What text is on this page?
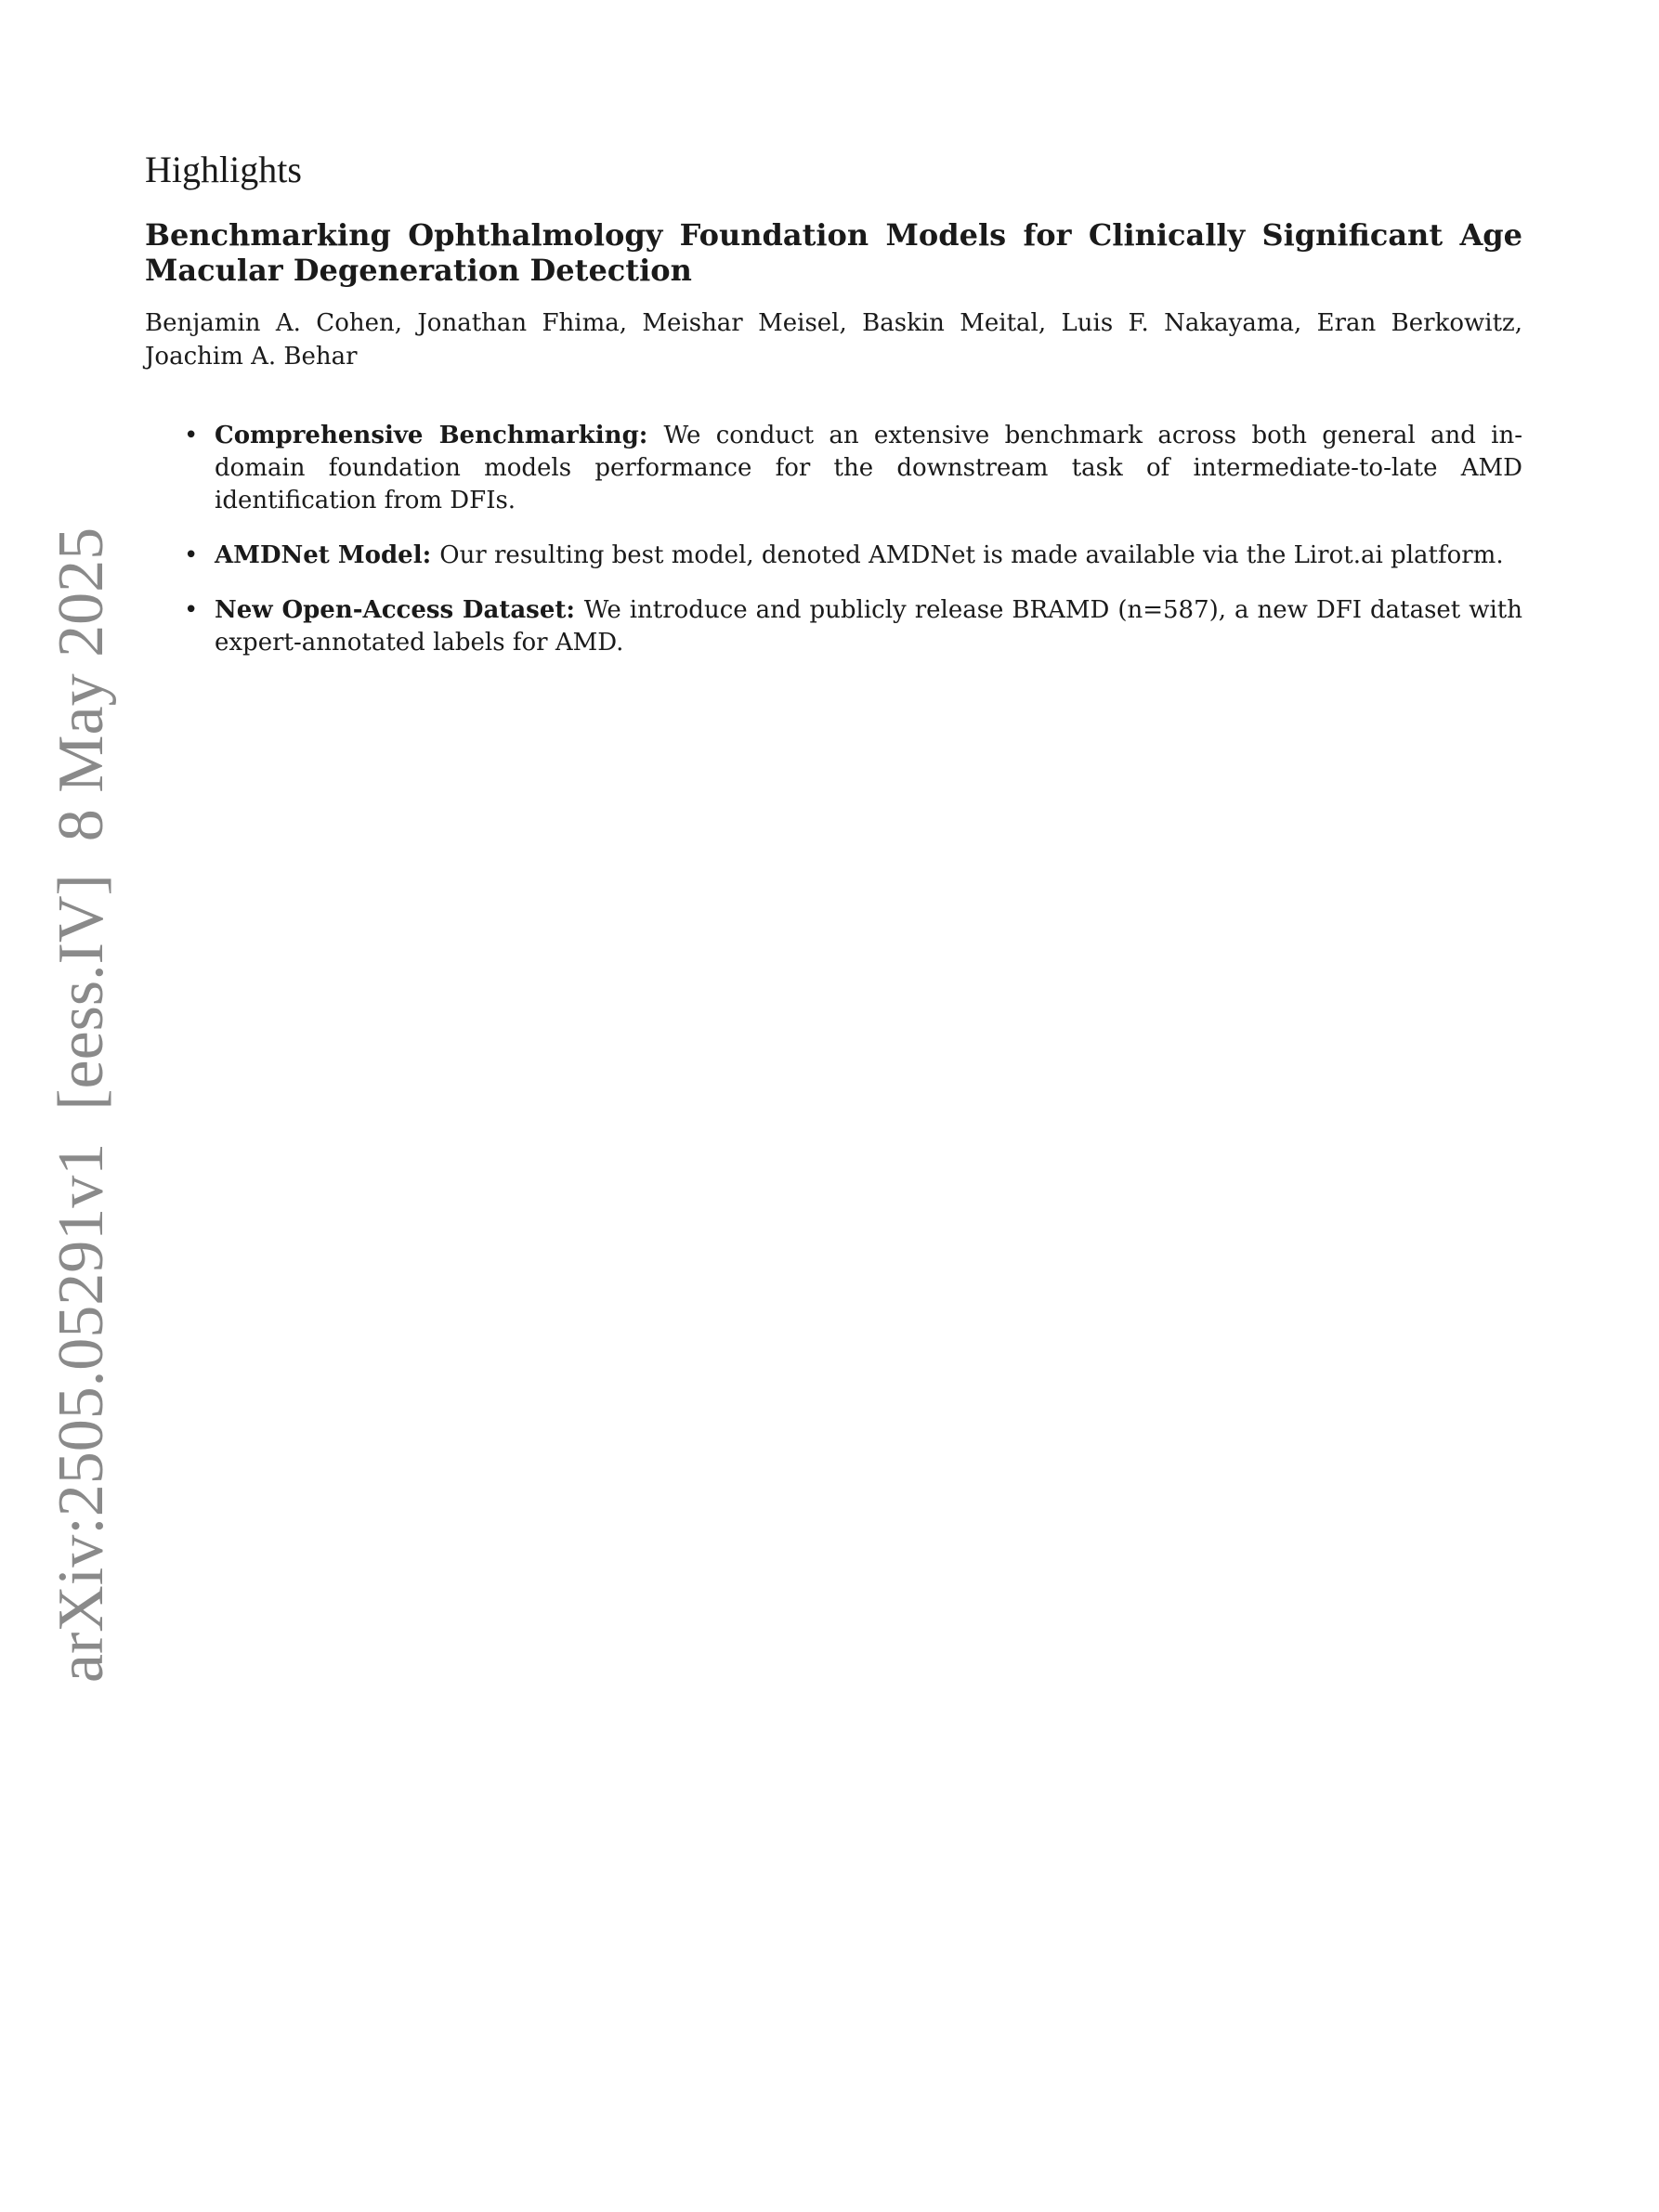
arXiv:2505.05291v1  [eess.IV]  8 May 2025
Highlights
Benchmarking Ophthalmology Foundation Models for Clinically Significant Age Macular Degeneration Detection

Benjamin A. Cohen, Jonathan Fhima, Meishar Meisel, Baskin Meital, Luis F. Nakayama, Eran Berkowitz, Joachim A. Behar

• Comprehensive Benchmarking: We conduct an extensive benchmark across both general and in-domain foundation models performance for the downstream task of intermediate-to-late AMD identification from DFIs.
• AMDNet Model: Our resulting best model, denoted AMDNet is made available via the Lirot.ai platform.
• New Open-Access Dataset: We introduce and publicly release BRAMD (n=587), a new DFI dataset with expert-annotated labels for AMD.
